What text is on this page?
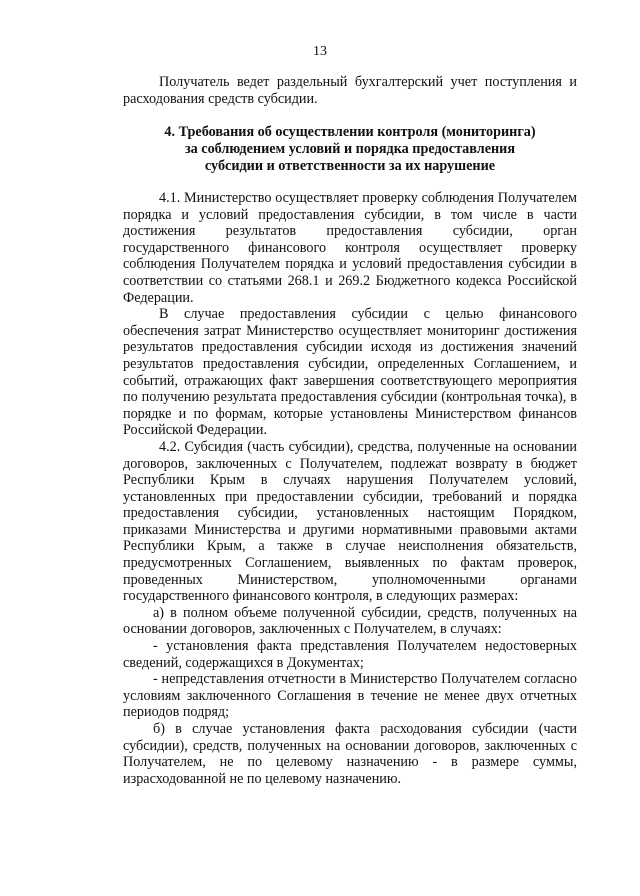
13

Получатель ведет раздельный бухгалтерский учет поступления и расходования средств субсидии.

4. Требования об осуществлении контроля (мониторинга)
за соблюдением условий и порядка предоставления
субсидии и ответственности за их нарушение

4.1. Министерство осуществляет проверку соблюдения Получателем порядка и условий предоставления субсидии, в том числе в части достижения результатов предоставления субсидии, орган государственного финансового контроля осуществляет проверку соблюдения Получателем порядка и условий предоставления субсидии в соответствии со статьями 268.1 и 269.2 Бюджетного кодекса Российской Федерации.

В случае предоставления субсидии с целью финансового обеспечения затрат Министерство осуществляет мониторинг достижения результатов предоставления субсидии исходя из достижения значений результатов предоставления субсидии, определенных Соглашением, и событий, отражающих факт завершения соответствующего мероприятия по получению результата предоставления субсидии (контрольная точка), в порядке и по формам, которые установлены Министерством финансов Российской Федерации.

4.2. Субсидия (часть субсидии), средства, полученные на основании договоров, заключенных с Получателем, подлежат возврату в бюджет Республики Крым в случаях нарушения Получателем условий, установленных при предоставлении субсидии, требований и порядка предоставления субсидии, установленных настоящим Порядком, приказами Министерства и другими нормативными правовыми актами Республики Крым, а также в случае неисполнения обязательств, предусмотренных Соглашением, выявленных по фактам проверок, проведенных Министерством, уполномоченными органами государственного финансового контроля, в следующих размерах:

а) в полном объеме полученной субсидии, средств, полученных на основании договоров, заключенных с Получателем, в случаях:

- установления факта представления Получателем недостоверных сведений, содержащихся в Документах;

- непредставления отчетности в Министерство Получателем согласно условиям заключенного Соглашения в течение не менее двух отчетных периодов подряд;

б) в случае установления факта расходования субсидии (части субсидии), средств, полученных на основании договоров, заключенных с Получателем, не по целевому назначению - в размере суммы, израсходованной не по целевому назначению.
